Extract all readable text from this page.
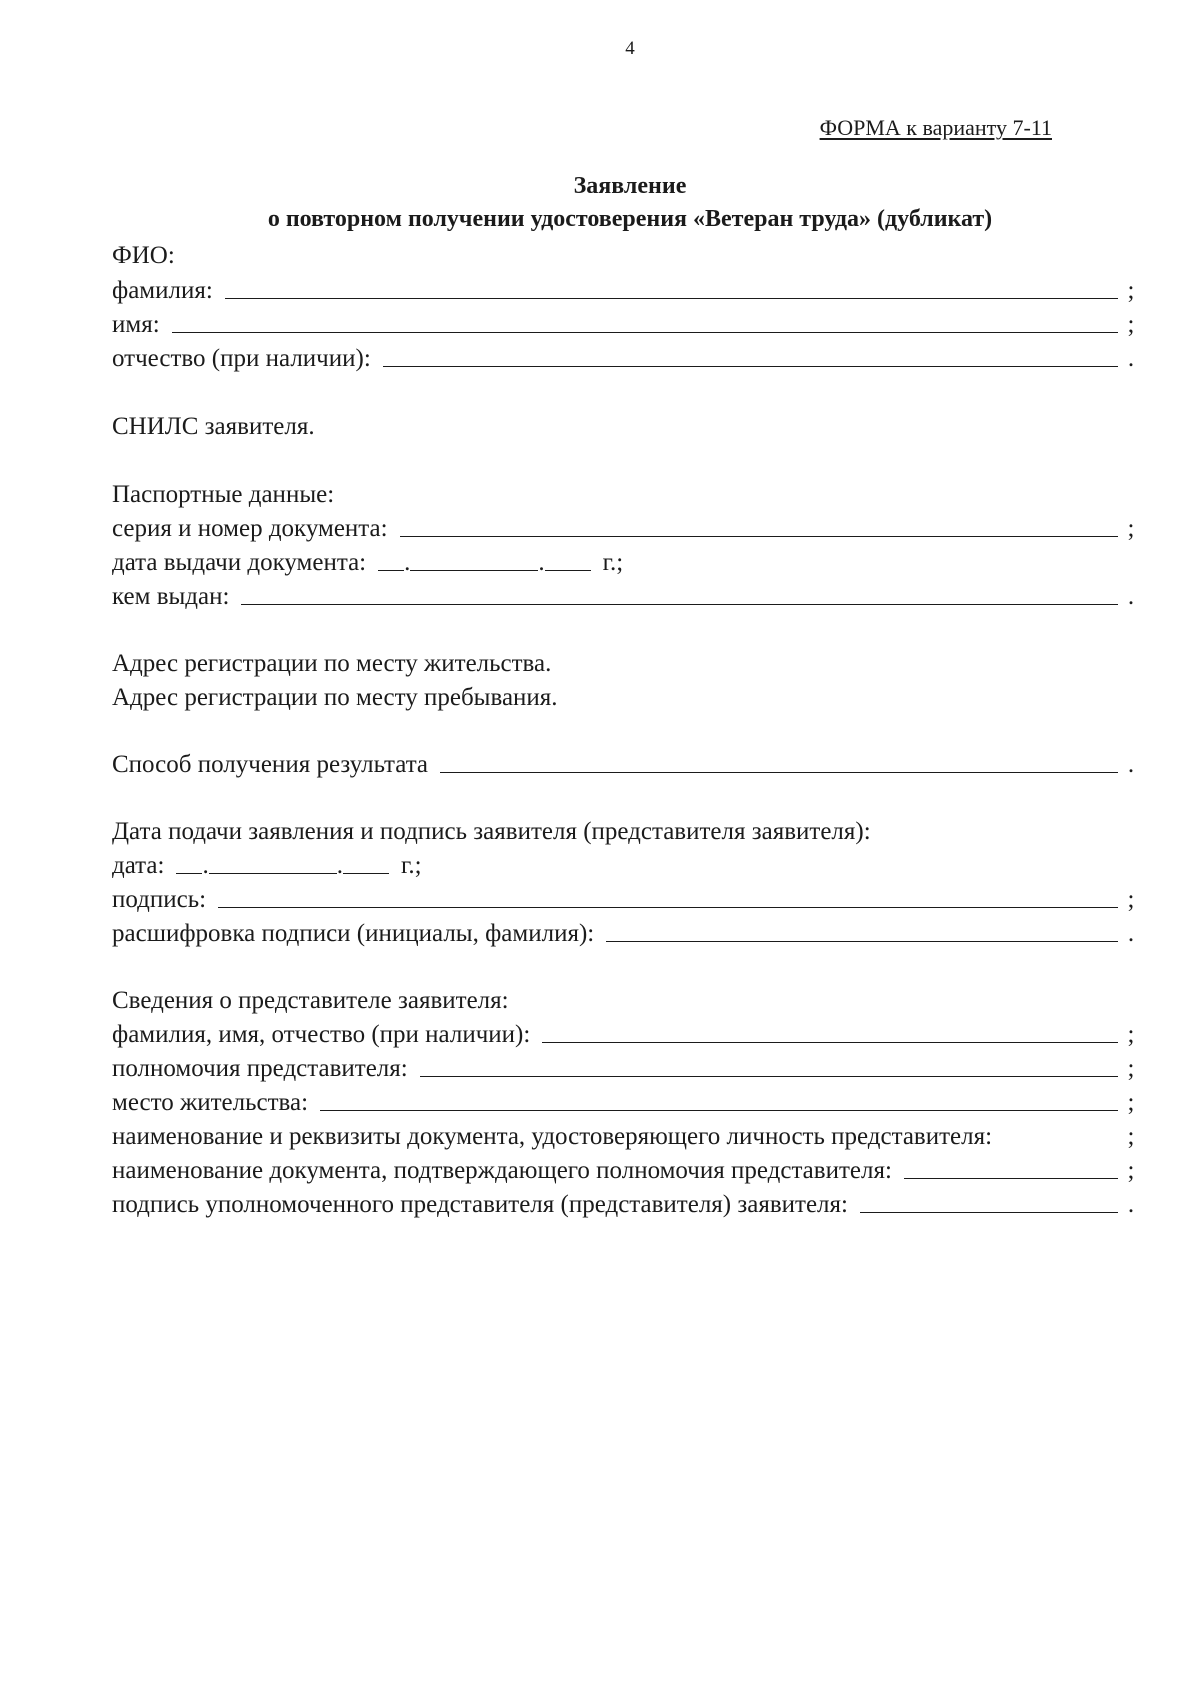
4
ФОРМА к варианту 7-11
Заявление
о повторном получении удостоверения «Ветеран труда» (дубликат)
ФИО:
фамилия:	;
имя:	;
отчество (при наличии):	.
СНИЛС заявителя.
Паспортные данные:
серия и номер документа:	;
дата выдачи документа: .	. г.;
кем выдан:	.
Адрес регистрации по месту жительства.
Адрес регистрации по месту пребывания.
Способ получения результата	.
Дата подачи заявления и подпись заявителя (представителя заявителя):
дата: .	. г.;
подпись:	;
расшифровка подписи (инициалы, фамилия):	.
Сведения о представителе заявителя:
фамилия, имя, отчество (при наличии):	;
полномочия представителя:	;
место жительства:	;
наименование и реквизиты документа, удостоверяющего личность представителя:	;
наименование документа, подтверждающего полномочия представителя:	;
подпись уполномоченного представителя (представителя) заявителя:	.
